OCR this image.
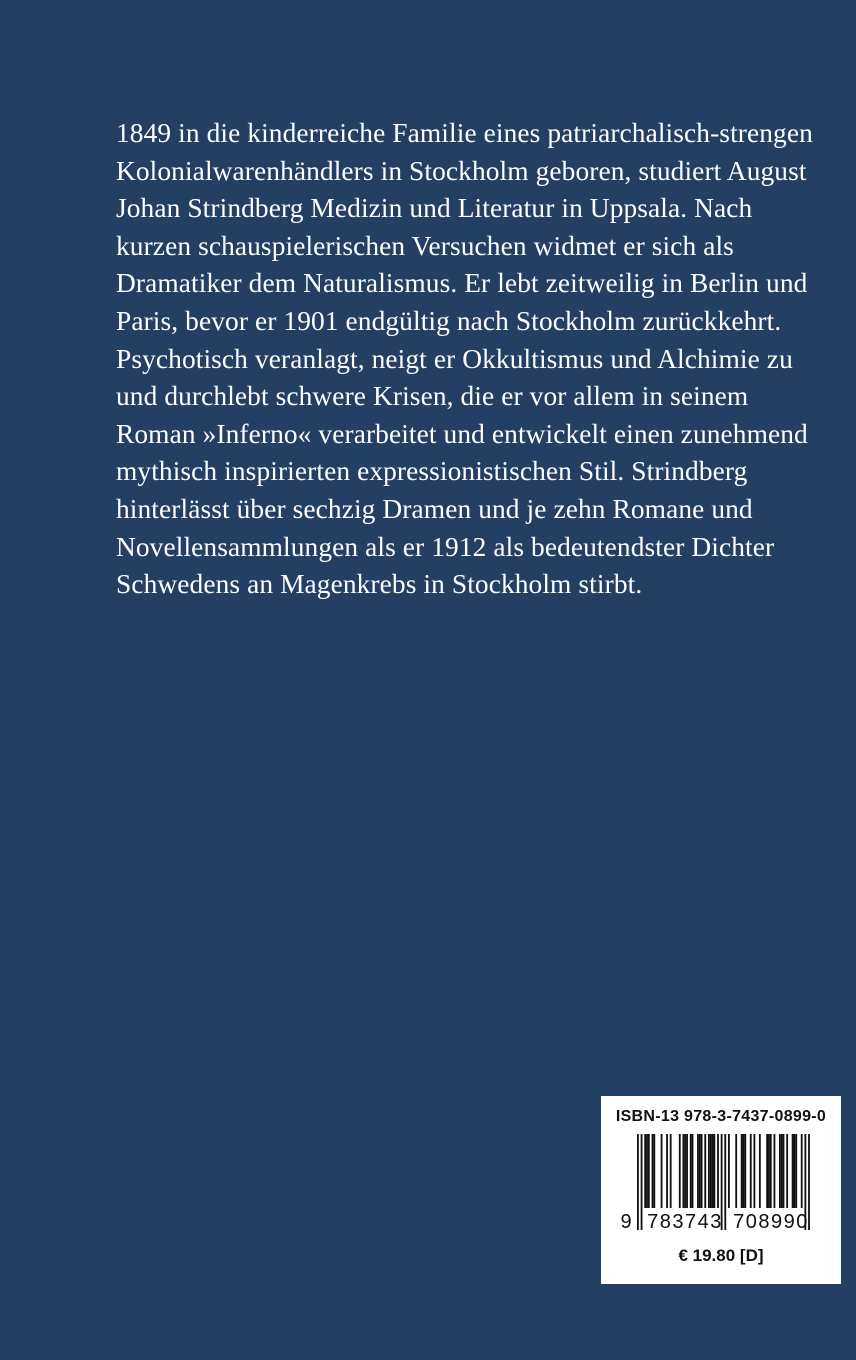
1849 in die kinderreiche Familie eines patriarchalisch-strengen
Kolonialwarenhändlers in Stockholm geboren, studiert August
Johan Strindberg Medizin und Literatur in Uppsala. Nach
kurzen schauspielerischen Versuchen widmet er sich als
Dramatiker dem Naturalismus. Er lebt zeitweilig in Berlin und
Paris, bevor er 1901 endgültig nach Stockholm zurückkehrt.
Psychotisch veranlagt, neigt er Okkultismus und Alchimie zu
und durchlebt schwere Krisen, die er vor allem in seinem
Roman »Inferno« verarbeitet und entwickelt einen zunehmend
mythisch inspirierten expressionistischen Stil. Strindberg
hinterlässt über sechzig Dramen und je zehn Romane und
Novellensammlungen als er 1912 als bedeutendster Dichter
Schwedens an Magenkrebs in Stockholm stirbt.
ISBN-13 978-3-7437-0899-0
9 783743 708990
€ 19.80 [D]
